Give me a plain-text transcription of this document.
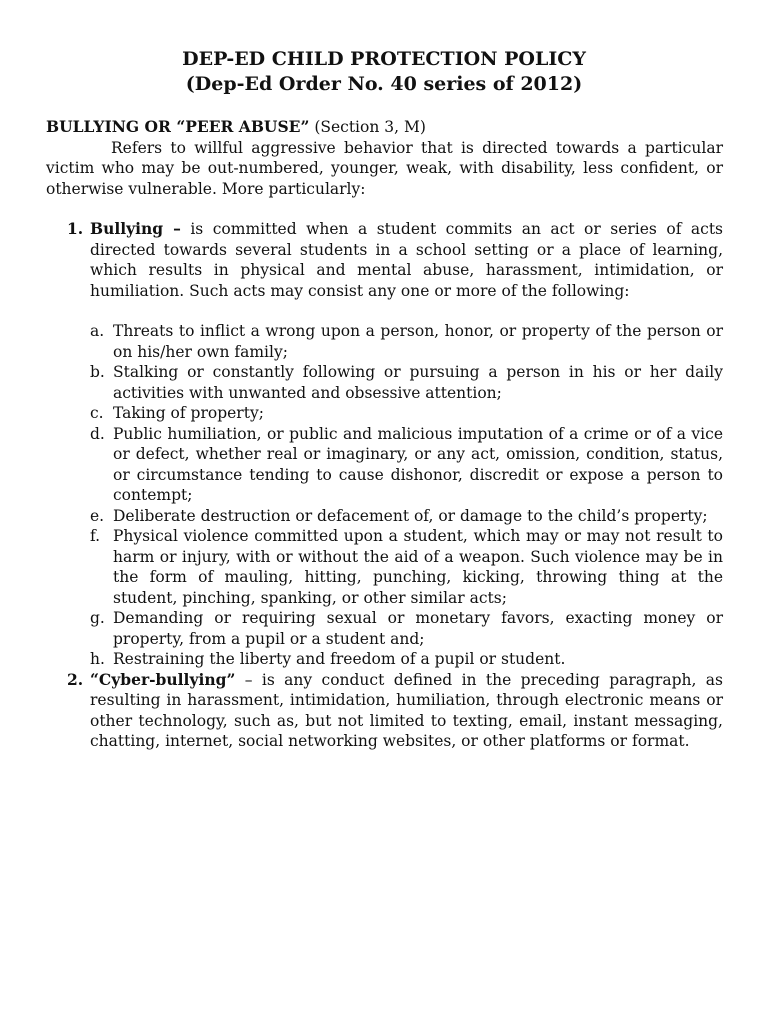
DEP-ED CHILD PROTECTION POLICY
(Dep-Ed Order No. 40 series of 2012)

BULLYING OR “PEER ABUSE” (Section 3, M)

Refers to willful aggressive behavior that is directed towards a particular victim who may be out-numbered, younger, weak, with disability, less confident, or otherwise vulnerable. More particularly:

1. Bullying – is committed when a student commits an act or series of acts directed towards several students in a school setting or a place of learning, which results in physical and mental abuse, harassment, intimidation, or humiliation. Such acts may consist any one or more of the following:
a. Threats to inflict a wrong upon a person, honor, or property of the person or on his/her own family;
b. Stalking or constantly following or pursuing a person in his or her daily activities with unwanted and obsessive attention;
c. Taking of property;
d. Public humiliation, or public and malicious imputation of a crime or of a vice or defect, whether real or imaginary, or any act, omission, condition, status, or circumstance tending to cause dishonor, discredit or expose a person to contempt;
e. Deliberate destruction or defacement of, or damage to the child’s property;
f. Physical violence committed upon a student, which may or may not result to harm or injury, with or without the aid of a weapon. Such violence may be in the form of mauling, hitting, punching, kicking, throwing thing at the student, pinching, spanking, or other similar acts;
g. Demanding or requiring sexual or monetary favors, exacting money or property, from a pupil or a student and;
h. Restraining the liberty and freedom of a pupil or student.
2. “Cyber-bullying” – is any conduct defined in the preceding paragraph, as resulting in harassment, intimidation, humiliation, through electronic means or other technology, such as, but not limited to texting, email, instant messaging, chatting, internet, social networking websites, or other platforms or format.
